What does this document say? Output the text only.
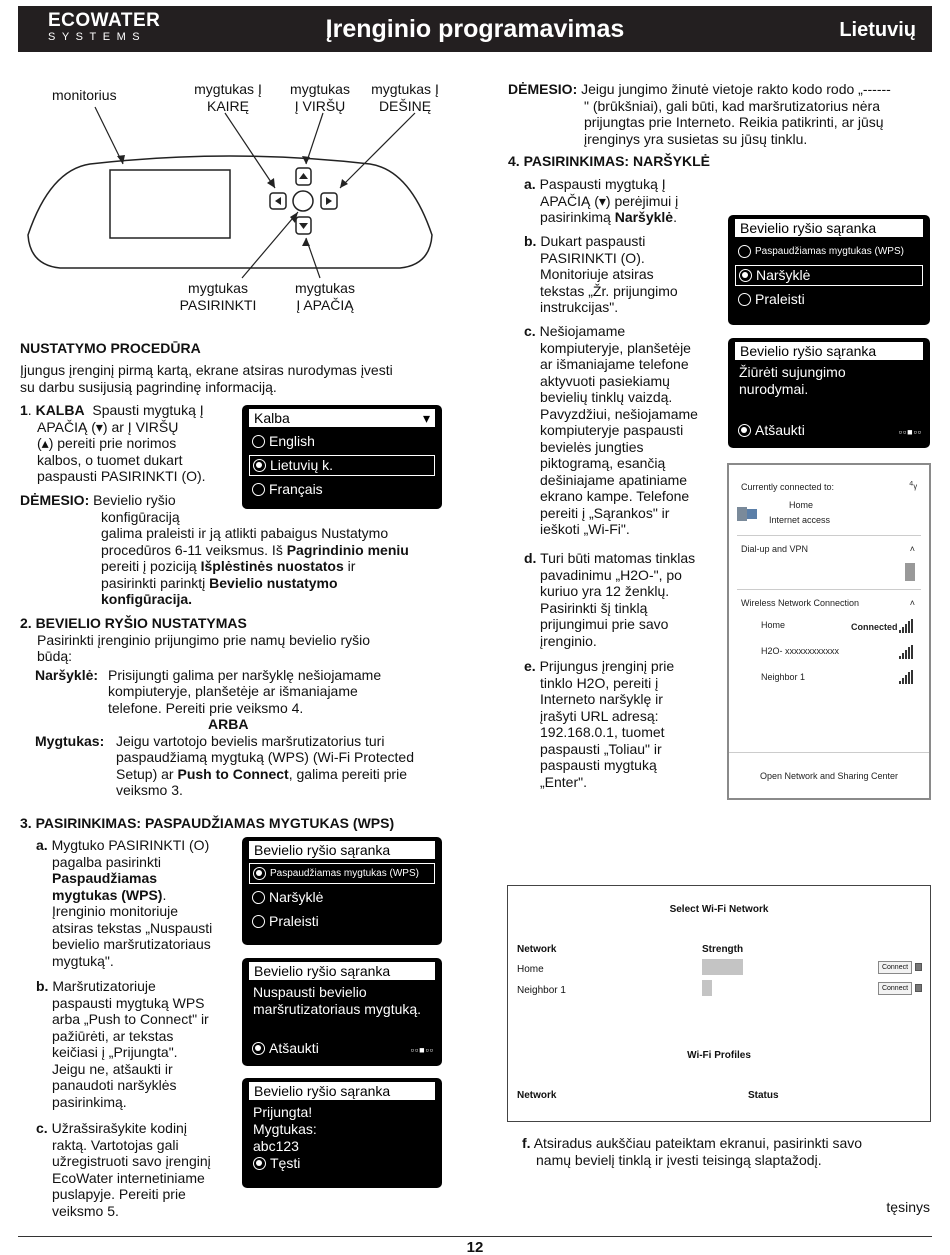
ECOWATER
SYSTEMS	Įrenginio programavimas	Lietuvių
monitorius	mygtukas Į
KAIRĘ
mygtukas
Į VIRŠŲ
mygtukas Į
DEŠINĘ
mygtukas
PASIRINKTI
mygtukas
Į APAČIĄ
NUSTATYMO PROCEDŪRA
Įjungus įrenginį pirmą kartą, ekrane atsiras nurodymas įvesti
su darbu susijusią pagrindinę informaciją.
1. KALBA Spausti mygtuką Į
APAČIĄ (▾) ar Į VIRŠŲ
(▴) pereiti prie norimos
kalbos, o tuomet dukart
paspausti PASIRINKTI (O).
DĖMESIO: Bevielio ryšio
konfigūraciją
galima praleisti ir ją atlikti pabaigus Nustatymo
procedūros 6-11 veiksmus. Iš Pagrindinio meniu
pereiti į poziciją Išplėstinės nuostatos ir
pasirinkti parinktį Bevielio nustatymo
konfigūracija.
Kalba	▾
English
Lietuvių k.
Français
2. BEVIELIO RYŠIO NUSTATYMAS
Pasirinkti įrenginio prijungimo prie namų bevielio ryšio
būdą:
Naršyklė: Prisijungti galima per naršyklę nešiojamame
kompiuteryje, planšetėje ar išmaniajame
telefone. Pereiti prie veiksmo 4.
ARBA
Mygtukas: Jeigu vartotojo bevielis maršrutizatorius turi
paspaudžiamą mygtuką (WPS) (Wi-Fi Protected
Setup) ar Push to Connect, galima pereiti prie
veiksmo 3.
3. PASIRINKIMAS: PASPAUDŽIAMAS MYGTUKAS (WPS)
a. Mygtuko PASIRINKTI (O)
pagalba pasirinkti
Paspaudžiamas
mygtukas (WPS).
Įrenginio monitoriuje
atsiras tekstas „Nuspausti
bevielio maršrutizatoriaus
mygtuką".
b. Maršrutizatoriuje
paspausti mygtuką WPS
arba „Push to Connect" ir
pažiūrėti, ar tekstas
keičiasi į „Prijungta".
Jeigu ne, atšaukti ir
panaudoti naršyklės
pasirinkimą.
c. Užrašsirašykite kodinį
raktą. Vartotojas gali
užregistruoti savo įrenginį
EcoWater internetiniame
puslapyje. Pereiti prie
veiksmo 5.
Bevielio ryšio sąranka
Paspaudžiamas mygtukas (WPS)
Naršyklė
Praleisti
Bevielio ryšio sąranka
Nuspausti bevielio
maršrutizatoriaus mygtuką.
Atšaukti	▫▫■▫▫
Bevielio ryšio sąranka
Prijungta!
Mygtukas:
abc123
Tęsti
DĖMESIO: Jeigu jungimo žinutė vietoje rakto kodo rodo „------
" (brūkšniai), gali būti, kad maršrutizatorius nėra
prijungtas prie Interneto. Reikia patikrinti, ar jūsų
įrenginys yra susietas su jūsų tinklu.
4. PASIRINKIMAS: NARŠYKLĖ
a. Paspausti mygtuką Į
APAČIĄ (▾) perėjimui į
pasirinkimą Naršyklė.
b. Dukart paspausti
PASIRINKTI (O).
Monitoriuje atsiras
tekstas „Žr. prijungimo
instrukcijas".
c. Nešiojamame
kompiuteryje, planšetėje
ar išmaniajame telefone
aktyvuoti pasiekiamų
bevielių tinklų vaizdą.
Pavyzdžiui, nešiojamame
kompiuteryje paspausti
bevielės jungties
piktogramą, esančią
dešiniajame apatiniame
ekrano kampe. Telefone
pereiti į „Sąrankos" ir
ieškoti „Wi-Fi".
d. Turi būti matomas tinklas
pavadinimu „H2O-", po
kuriuo yra 12 ženklų.
Pasirinkti šį tinklą
prijungimui prie savo
įrenginio.
e. Prijungus įrenginį prie
tinklo H2O, pereiti į
Interneto naršyklę ir
įrašyti URL adresą:
192.168.0.1, tuomet
paspausti „Toliau" ir
paspausti mygtuką
„Enter".
Bevielio ryšio sąranka
Paspaudžiamas mygtukas (WPS)
Naršyklė
Praleisti
Bevielio ryšio sąranka
Žiūrėti sujungimo
nurodymai.
Atšaukti	▫▫■▫▫
Currently connected to:	⁴ᵧ
Home
Internet access
Dial-up and VPN	˄
Wireless Network Connection	˄
Home	Connected
H2O- xxxxxxxxxxxx
Neighbor 1
Open Network and Sharing Center
Select Wi-Fi Network
Network	Strength
Home	Connect
Neighbor 1	Connect
Wi-Fi Profiles
Network	Status
f. Atsiradus aukščiau pateiktam ekranui, pasirinkti savo
namų bevielį tinklą ir įvesti teisingą slaptažodį.
tęsinys
12
